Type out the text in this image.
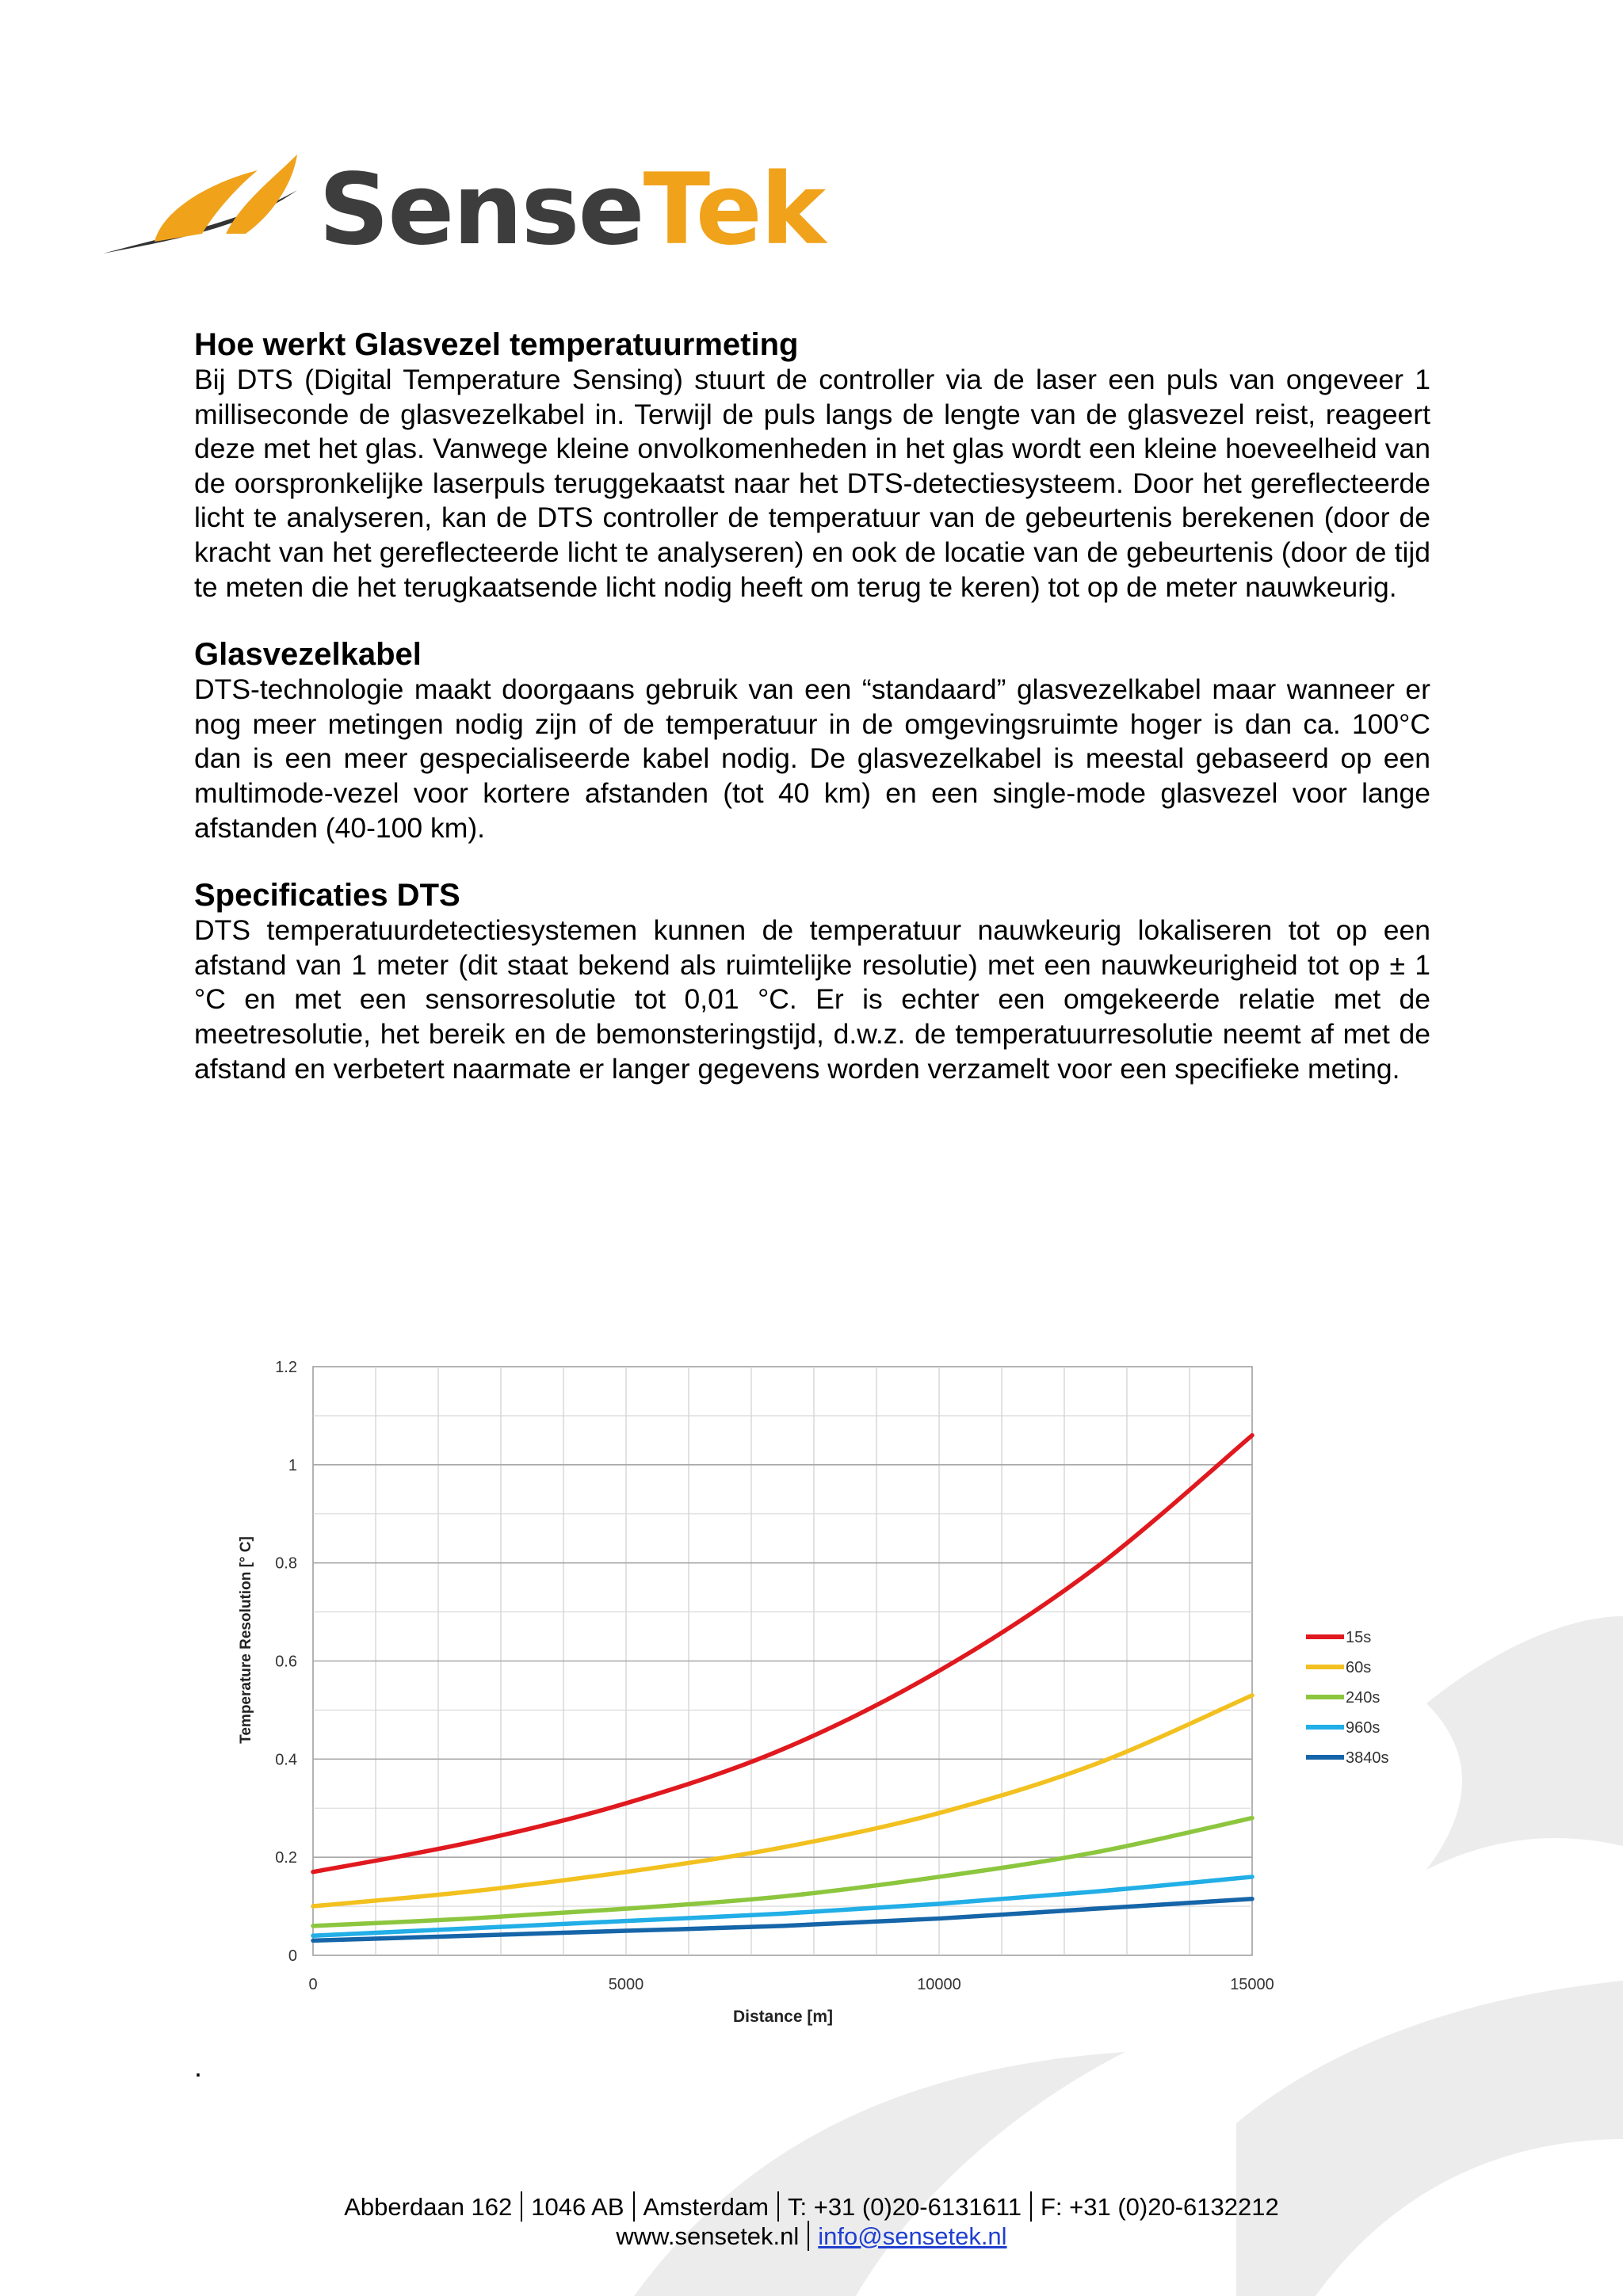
SenseTek
Hoe werkt Glasvezel temperatuurmeting

Bij DTS (Digital Temperature Sensing) stuurt de controller via de laser een puls van ongeveer 1 milliseconde de glasvezelkabel in. Terwijl de puls langs de lengte van de glasvezel reist, reageert deze met het glas. Vanwege kleine onvolkomenheden in het glas wordt een kleine hoeveelheid van de oorspronkelijke laserpuls teruggekaatst naar het DTS-detectiesysteem. Door het gereflecteerde licht te analyseren, kan de DTS controller de temperatuur van de gebeurtenis berekenen (door de kracht van het gereflecteerde licht te analyseren) en ook de locatie van de gebeurtenis (door de tijd te meten die het terugkaatsende licht nodig heeft om terug te keren) tot op de meter nauwkeurig.

Glasvezelkabel

DTS-technologie maakt doorgaans gebruik van een “standaard” glasvezelkabel maar wanneer er nog meer metingen nodig zijn of de temperatuur in de omgevingsruimte hoger is dan ca. 100°C dan is een meer gespecialiseerde kabel nodig. De glasvezelkabel is meestal gebaseerd op een multimode-vezel voor kortere afstanden (tot 40 km) en een single-mode glasvezel voor lange afstanden (40-100 km).

Specificaties DTS

DTS temperatuurdetectiesystemen kunnen de temperatuur nauwkeurig lokaliseren tot op een afstand van 1 meter (dit staat bekend als ruimtelijke resolutie) met een nauwkeurigheid tot op ± 1 °C en met een sensorresolutie tot 0,01 °C. Er is echter een omgekeerde relatie met de meetresolutie, het bereik en de bemonsteringstijd, d.w.z. de temperatuurresolutie neemt af met de afstand en verbetert naarmate er langer gegevens worden verzamelt voor een specifieke meting.

0
0.2
0.4
0.6
0.8
1
1.2
0	5000	10000	15000
15s
60s
240s
960s
3840s
Distance [m]
Temperature Resolution [° C]
.
Abberdaan 162 1046 AB Amsterdam T: +31 (0)20-6131611 F: +31 (0)20-6132212
www.sensetek.nl info@sensetek.nl
